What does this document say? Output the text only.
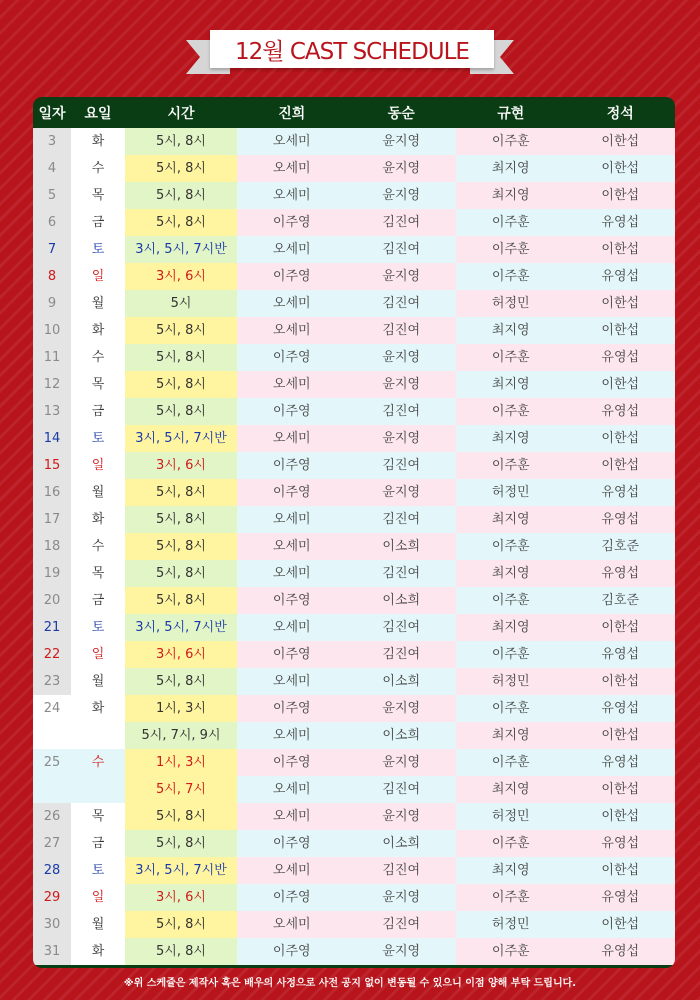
12월 CAST SCHEDULE
일자	요일	시간	진희	동순	규현	정석
3	화	5시, 8시	오세미	윤지영	이주훈	이한섭
4	수	5시, 8시	오세미	윤지영	최지영	이한섭
5	목	5시, 8시	오세미	윤지영	최지영	이한섭
6	금	5시, 8시	이주영	김진여	이주훈	유영섭
7	토	3시, 5시, 7시반	오세미	김진여	이주훈	이한섭
8	일	3시, 6시	이주영	윤지영	이주훈	유영섭
9	월	5시	오세미	김진여	허정민	이한섭
10	화	5시, 8시	오세미	김진여	최지영	이한섭
11	수	5시, 8시	이주영	윤지영	이주훈	유영섭
12	목	5시, 8시	오세미	윤지영	최지영	이한섭
13	금	5시, 8시	이주영	김진여	이주훈	유영섭
14	토	3시, 5시, 7시반	오세미	윤지영	최지영	이한섭
15	일	3시, 6시	이주영	김진여	이주훈	이한섭
16	월	5시, 8시	이주영	윤지영	허정민	유영섭
17	화	5시, 8시	오세미	김진여	최지영	유영섭
18	수	5시, 8시	오세미	이소희	이주훈	김호준
19	목	5시, 8시	오세미	김진여	최지영	유영섭
20	금	5시, 8시	이주영	이소희	이주훈	김호준
21	토	3시, 5시, 7시반	오세미	김진여	최지영	이한섭
22	일	3시, 6시	이주영	김진여	이주훈	유영섭
23	월	5시, 8시	오세미	이소희	허정민	이한섭
24	화	1시, 3시	이주영	윤지영	이주훈	유영섭
5시, 7시, 9시	오세미	이소희	최지영	이한섭
25	수	1시, 3시	이주영	윤지영	이주훈	유영섭
5시, 7시	오세미	김진여	최지영	이한섭
26	목	5시, 8시	오세미	윤지영	허정민	이한섭
27	금	5시, 8시	이주영	이소희	이주훈	유영섭
28	토	3시, 5시, 7시반	오세미	김진여	최지영	이한섭
29	일	3시, 6시	이주영	윤지영	이주훈	유영섭
30	월	5시, 8시	오세미	김진여	허정민	이한섭
31	화	5시, 8시	이주영	윤지영	이주훈	유영섭
※위 스케쥴은 제작사 혹은 배우의 사정으로 사전 공지 없이 변동될 수 있으니 이점 양해 부탁 드립니다.
